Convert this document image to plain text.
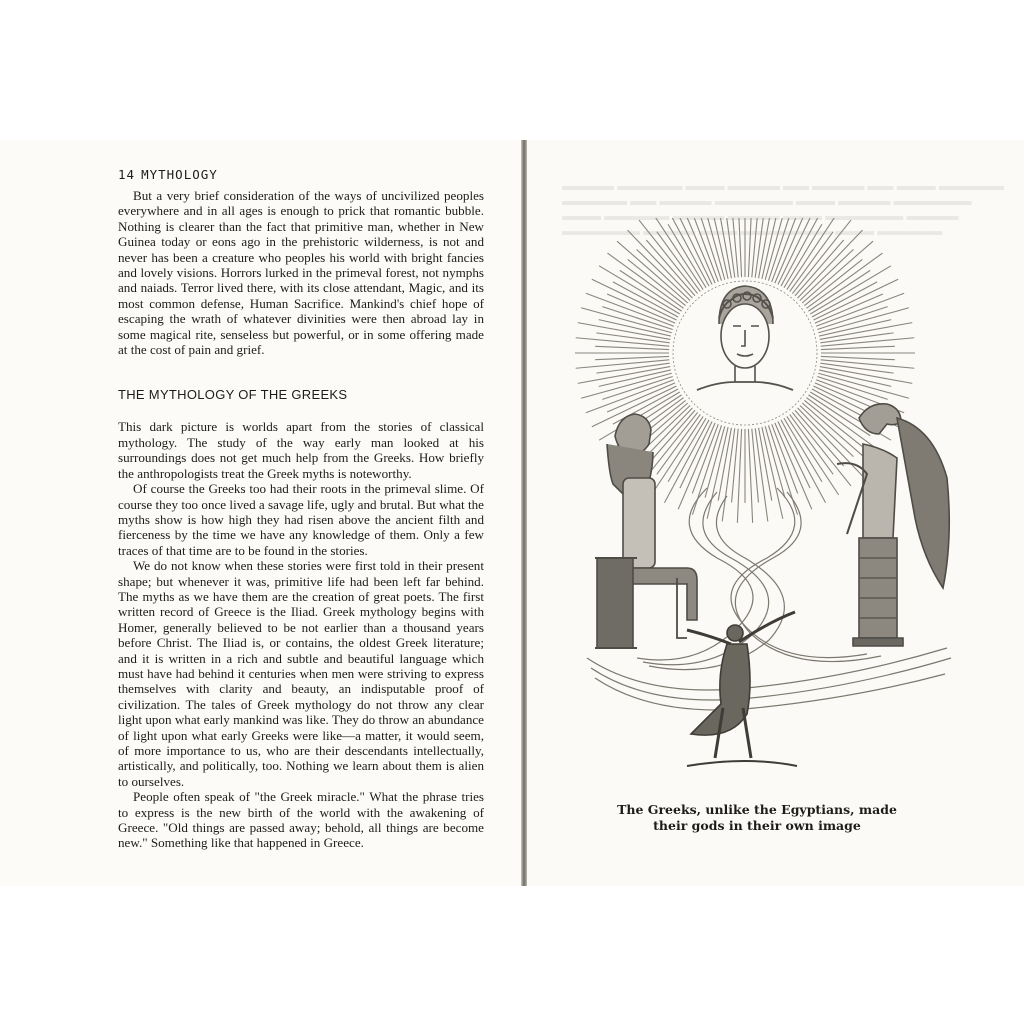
14 MYTHOLOGY

But a very brief consideration of the ways of uncivilized peoples everywhere and in all ages is enough to prick that romantic bubble. Nothing is clearer than the fact that primitive man, whether in New Guinea today or eons ago in the prehistoric wilderness, is not and never has been a creature who peoples his world with bright fancies and lovely visions. Horrors lurked in the primeval forest, not nymphs and naiads. Terror lived there, with its close attendant, Magic, and its most common defense, Human Sacrifice. Mankind's chief hope of escaping the wrath of whatever divinities were then abroad lay in some magical rite, senseless but powerful, or in some offering made at the cost of pain and grief.

THE MYTHOLOGY OF THE GREEKS

This dark picture is worlds apart from the stories of classical mythology. The study of the way early man looked at his surroundings does not get much help from the Greeks. How briefly the anthropologists treat the Greek myths is noteworthy.

Of course the Greeks too had their roots in the primeval slime. Of course they too once lived a savage life, ugly and brutal. But what the myths show is how high they had risen above the ancient filth and fierceness by the time we have any knowledge of them. Only a few traces of that time are to be found in the stories.

We do not know when these stories were first told in their present shape; but whenever it was, primitive life had been left far behind. The myths as we have them are the creation of great poets. The first written record of Greece is the Iliad. Greek mythology begins with Homer, generally believed to be not earlier than a thousand years before Christ. The Iliad is, or contains, the oldest Greek literature; and it is written in a rich and subtle and beautiful language which must have had behind it centuries when men were striving to express themselves with clarity and beauty, an indisputable proof of civilization. The tales of Greek mythology do not throw any clear light upon what early mankind was like. They do throw an abundance of light upon what early Greeks were like—a matter, it would seem, of more importance to us, who are their descendants intellectually, artistically, and politically, too. Nothing we learn about them is alien to ourselves.

People often speak of "the Greek miracle." What the phrase tries to express is the new birth of the world with the awakening of Greece. "Old things are passed away; behold, all things are become new." Something like that happened in Greece.

▬▬▬▬ ▬▬▬▬▬ ▬▬▬ ▬▬▬▬ ▬▬ ▬▬▬▬ ▬▬ ▬▬▬ ▬▬▬▬▬
▬▬▬▬▬ ▬▬ ▬▬▬▬ ▬▬▬▬▬▬ ▬▬▬ ▬▬▬▬ ▬▬▬▬▬▬
▬▬▬ ▬▬▬▬▬ ▬▬▬▬ ▬▬▬▬ ▬▬▬ ▬▬▬▬▬▬ ▬▬▬▬
▬▬▬▬▬▬ ▬▬▬▬ ▬▬▬ ▬▬▬▬▬▬▬ ▬▬▬ ▬▬▬▬▬
The Greeks, unlike the Egyptians, made
their gods in their own image
